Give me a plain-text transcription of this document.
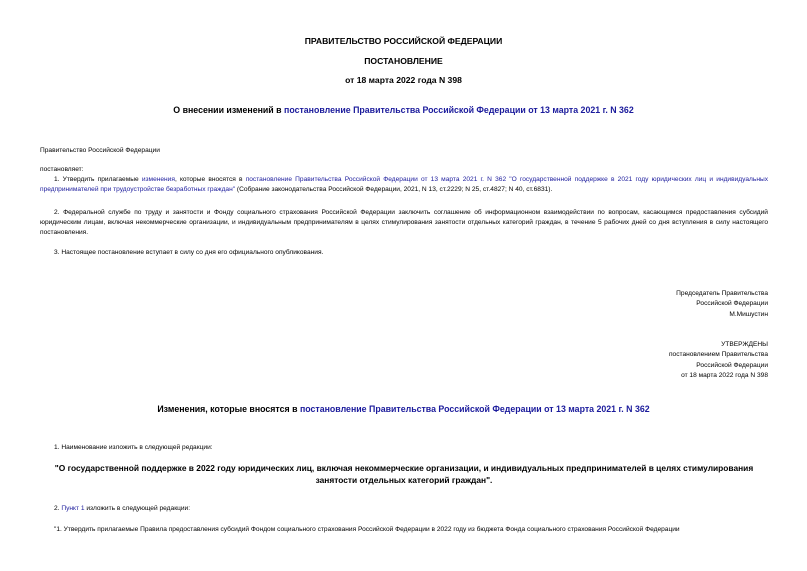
ПРАВИТЕЛЬСТВО РОССИЙСКОЙ ФЕДЕРАЦИИ
ПОСТАНОВЛЕНИЕ
от 18 марта 2022 года N 398
О внесении изменений в постановление Правительства Российской Федерации от 13 марта 2021 г. N 362
Правительство Российской Федерации
постановляет:
1. Утвердить прилагаемые изменения, которые вносятся в постановление Правительства Российской Федерации от 13 марта 2021 г. N 362 "О государственной поддержке в 2021 году юридических лиц и индивидуальных предпринимателей при трудоустройстве безработных граждан" (Собрание законодательства Российской Федерации, 2021, N 13, ст.2229; N 25, ст.4827; N 40, ст.6831).
2. Федеральной службе по труду и занятости и Фонду социального страхования Российской Федерации заключить соглашение об информационном взаимодействии по вопросам, касающимся предоставления субсидий юридическим лицам, включая некоммерческие организации, и индивидуальным предпринимателям в целях стимулирования занятости отдельных категорий граждан, в течение 5 рабочих дней со дня вступления в силу настоящего постановления.
3. Настоящее постановление вступает в силу со дня его официального опубликования.
Председатель Правительства
Российской Федерации
М.Мишустин
УТВЕРЖДЕНЫ
постановлением Правительства
Российской Федерации
от 18 марта 2022 года N 398
Изменения, которые вносятся в постановление Правительства Российской Федерации от 13 марта 2021 г. N 362
1. Наименование изложить в следующей редакции:
"О государственной поддержке в 2022 году юридических лиц, включая некоммерческие организации, и индивидуальных предпринимателей в целях стимулирования занятости отдельных категорий граждан".
2. Пункт 1 изложить в следующей редакции:
"1. Утвердить прилагаемые Правила предоставления субсидий Фондом социального страхования Российской Федерации в 2022 году из бюджета Фонда социального страхования Российской Федерации
